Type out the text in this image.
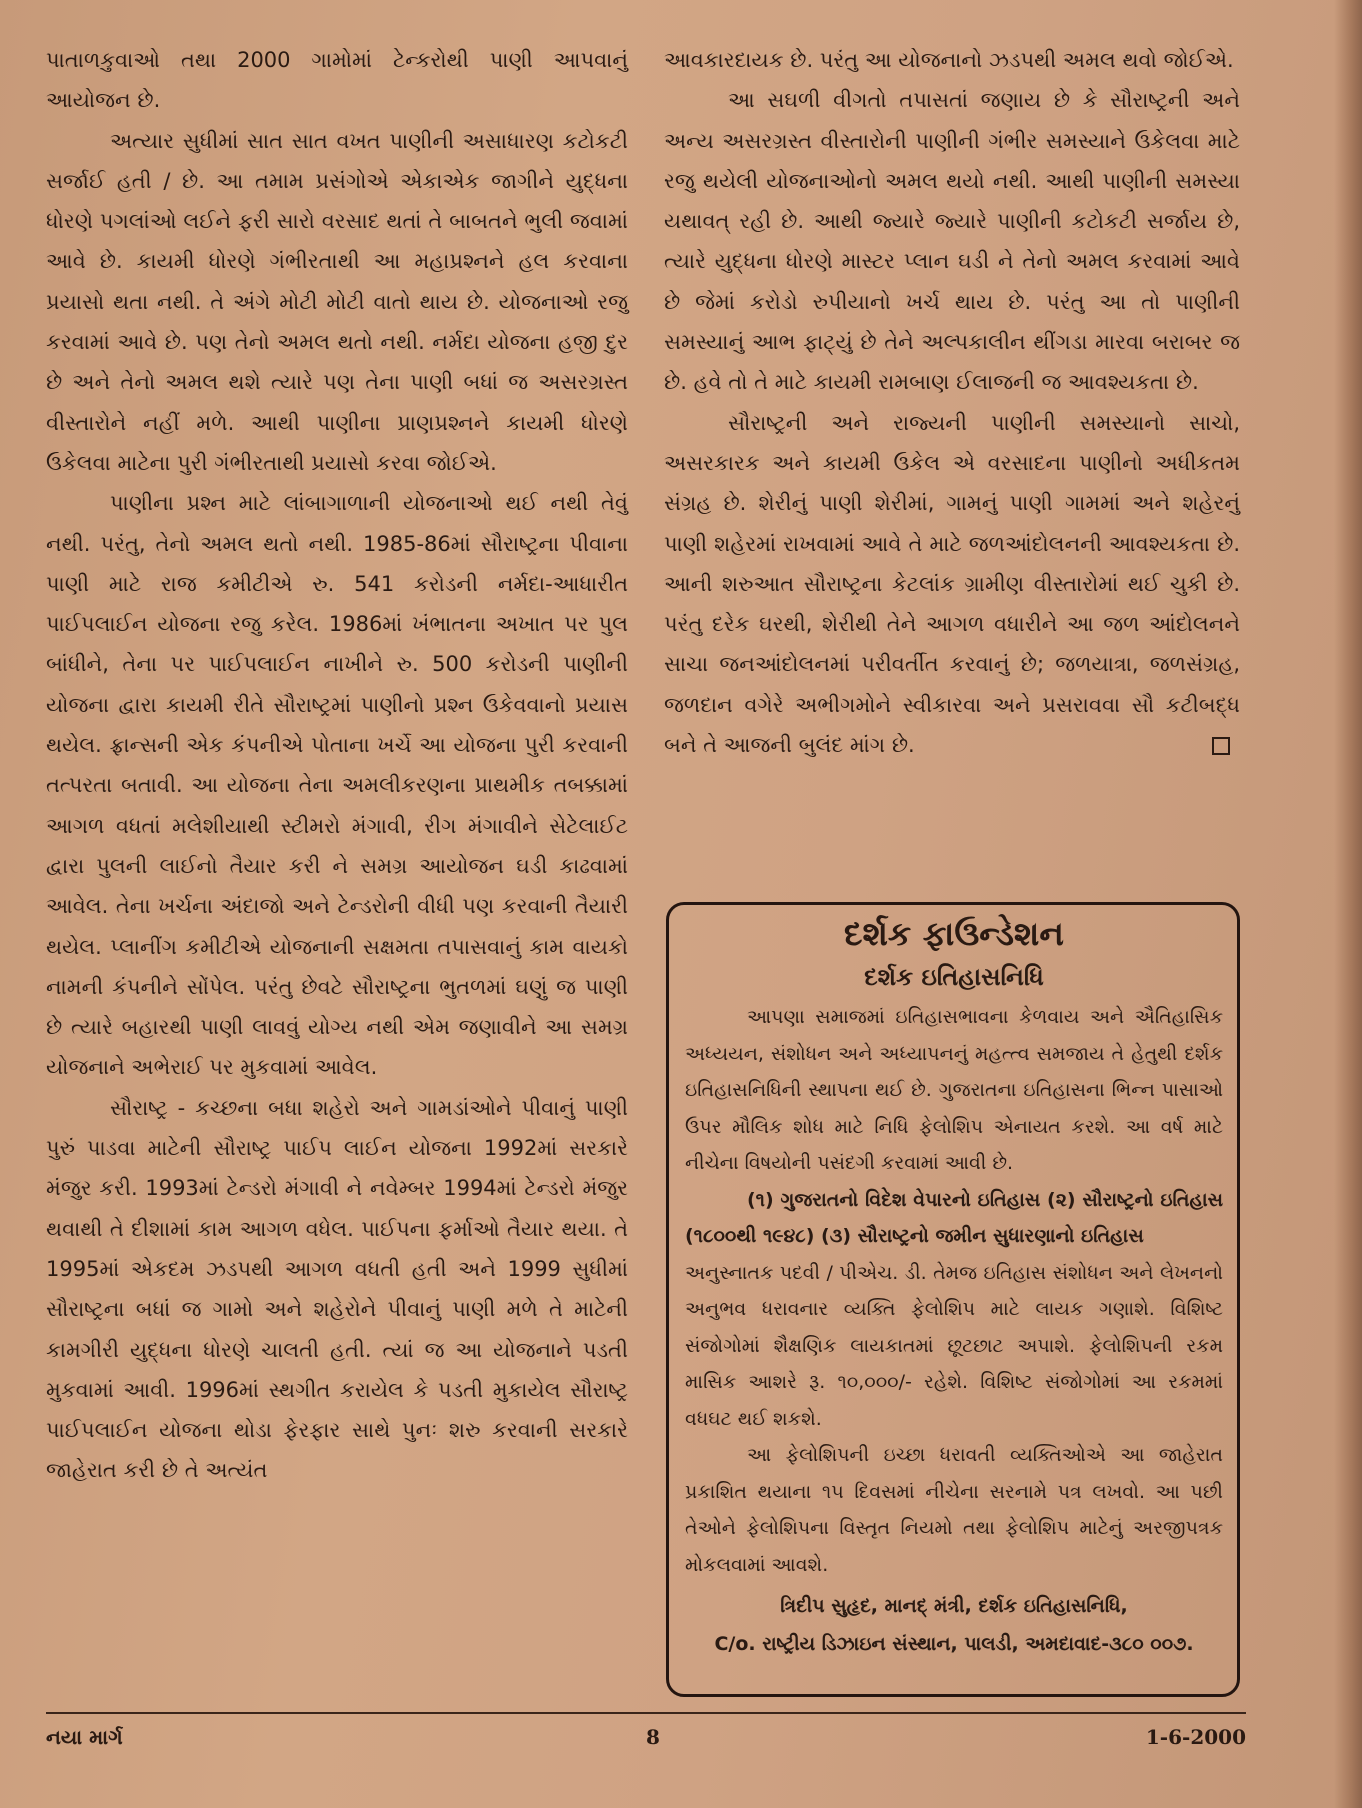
પાતાળકુવાઓ તથા 2000 ગામોમાં ટેન્કરોથી પાણી આપવાનું આયોજન છે.

અત્યાર સુધીમાં સાત સાત વખત પાણીની અસાધારણ કટોકટી સર્જાઈ હતી / છે. આ તમામ પ્રસંગોએ એકાએક જાગીને યુદ્ધના ધોરણે પગલાંઓ લઈને ફરી સારો વરસાદ થતાં તે બાબતને ભુલી જવામાં આવે છે. કાયમી ધોરણે ગંભીરતાથી આ મહાપ્રશ્નને હલ કરવાના પ્રયાસો થતા નથી. તે અંગે મોટી મોટી વાતો થાય છે. યોજનાઓ રજુ કરવામાં આવે છે. પણ તેનો અમલ થતો નથી. નર્મદા યોજના હજી દુર છે અને તેનો અમલ થશે ત્યારે પણ તેના પાણી બધાં જ અસરગ્રસ્ત વીસ્તારોને નહીં મળે. આથી પાણીના પ્રાણપ્રશ્નને કાયમી ધોરણે ઉકેલવા માટેના પુરી ગંભીરતાથી પ્રયાસો કરવા જોઈએ.

પાણીના પ્રશ્ન માટે લાંબાગાળાની યોજનાઓ થઈ નથી તેવું નથી. પરંતુ, તેનો અમલ થતો નથી. 1985-86માં સૌરાષ્ટ્રના પીવાના પાણી માટે રાજ કમીટીએ રુ. 541 કરોડની નર્મદા-આધારીત પાઈપલાઈન યોજના રજુ કરેલ. 1986માં ખંભાતના અખાત પર પુલ બાંધીને, તેના પર પાઈપલાઈન નાખીને રુ. 500 કરોડની પાણીની યોજના દ્વારા કાયમી રીતે સૌરાષ્ટ્રમાં પાણીનો પ્રશ્ન ઉકેવવાનો પ્રયાસ થયેલ. ફ્રાન્સની એક કંપનીએ પોતાના ખર્ચે આ યોજના પુરી કરવાની તત્પરતા બતાવી. આ યોજના તેના અમલીકરણના પ્રાથમીક તબક્કામાં આગળ વધતાં મલેશીયાથી સ્ટીમરો મંગાવી, રીગ મંગાવીને સેટેલાઈટ દ્વારા પુલની લાઈનો તૈયાર કરી ને સમગ્ર આયોજન ઘડી કાઢવામાં આવેલ. તેના ખર્ચના અંદાજો અને ટેન્ડરોની વીધી પણ કરવાની તૈયારી થયેલ. પ્લાનીંગ કમીટીએ યોજનાની સક્ષમતા તપાસવાનું કામ વાયકો નામની કંપનીને સોંપેલ. પરંતુ છેવટે સૌરાષ્ટ્રના ભુતળમાં ઘણું જ પાણી છે ત્યારે બહારથી પાણી લાવવું યોગ્ય નથી એમ જણાવીને આ સમગ્ર યોજનાને અભેરાઈ પર મુકવામાં આવેલ.

સૌરાષ્ટ્ર - કચ્છના બધા શહેરો અને ગામડાંઓને પીવાનું પાણી પુરું પાડવા માટેની સૌરાષ્ટ્ર પાઈપ લાઈન યોજના 1992માં સરકારે મંજુર કરી. 1993માં ટેન્ડરો મંગાવી ને નવેમ્બર 1994માં ટેન્ડરો મંજુર થવાથી તે દીશામાં કામ આગળ વધેલ. પાઈપના ફર્માઓ તૈયાર થયા. તે 1995માં એકદમ ઝડપથી આગળ વધતી હતી અને 1999 સુધીમાં સૌરાષ્ટ્રના બધાં જ ગામો અને શહેરોને પીવાનું પાણી મળે તે માટેની કામગીરી યુદ્ધના ધોરણે ચાલતી હતી. ત્યાં જ આ યોજનાને પડતી મુકવામાં આવી. 1996માં સ્થગીત કરાયેલ કે પડતી મુકાયેલ સૌરાષ્ટ્ર પાઈપલાઈન યોજના થોડા ફેરફાર સાથે પુનઃ શરુ કરવાની સરકારે જાહેરાત કરી છે તે અત્યંત

આવકારદાયક છે. પરંતુ આ યોજનાનો ઝડપથી અમલ થવો જોઈએ.

આ સઘળી વીગતો તપાસતાં જણાય છે કે સૌરાષ્ટ્રની અને અન્ય અસરગ્રસ્ત વીસ્તારોની પાણીની ગંભીર સમસ્યાને ઉકેલવા માટે રજુ થયેલી યોજનાઓનો અમલ થયો નથી. આથી પાણીની સમસ્યા યથાવત્ રહી છે. આથી જ્યારે જ્યારે પાણીની કટોકટી સર્જાય છે, ત્યારે યુદ્ધના ધોરણે માસ્ટર પ્લાન ઘડી ને તેનો અમલ કરવામાં આવે છે જેમાં કરોડો રુપીયાનો ખર્ચ થાય છે. પરંતુ આ તો પાણીની સમસ્યાનું આભ ફાટ્યું છે તેને અલ્પકાલીન થીંગડા મારવા બરાબર જ છે. હવે તો તે માટે કાયમી રામબાણ ઈલાજની જ આવશ્યકતા છે.

સૌરાષ્ટ્રની અને રાજ્યની પાણીની સમસ્યાનો સાચો, અસરકારક અને કાયમી ઉકેલ એ વરસાદના પાણીનો અધીકતમ સંગ્રહ છે. શેરીનું પાણી શેરીમાં, ગામનું પાણી ગામમાં અને શહેરનું પાણી શહેરમાં રાખવામાં આવે તે માટે જળઆંદોલનની આવશ્યકતા છે. આની શરુઆત સૌરાષ્ટ્રના કેટલાંક ગ્રામીણ વીસ્તારોમાં થઈ ચુકી છે. પરંતુ દરેક ઘરથી, શેરીથી તેને આગળ વધારીને આ જળ આંદોલનને સાચા જનઆંદોલનમાં પરીવર્તીત કરવાનું છે; જળયાત્રા, જળસંગ્રહ, જળદાન વગેરે અભીગમોને સ્વીકારવા અને પ્રસરાવવા સૌ કટીબદ્ધ બને તે આજની બુલંદ માંગ છે.

દર્શક ફાઉન્ડેશન
દર્શક ઇતિહાસનિધિ

આપણા સમાજમાં ઇતિહાસભાવના કેળવાય અને ઐતિહાસિક અધ્યયન, સંશોધન અને અધ્યાપનનું મહત્ત્વ સમજાય તે હેતુથી દર્શક ઇતિહાસનિધિની સ્થાપના થઈ છે. ગુજરાતના ઇતિહાસના ભિન્ન પાસાઓ ઉપર મૌલિક શોધ માટે નિધિ ફેલોશિપ એનાયત કરશે. આ વર્ષ માટે નીચેના વિષયોની પસંદગી કરવામાં આવી છે.

(૧) ગુજરાતનો વિદેશ વેપારનો ઇતિહાસ (૨) સૌરાષ્ટ્રનો ઇતિહાસ (૧૮૦૦થી ૧૯૪૮) (૩) સૌરાષ્ટ્રનો જમીન સુધારણાનો ઇતિહાસ

અનુસ્નાતક પદવી / પીએચ. ડી. તેમજ ઇતિહાસ સંશોધન અને લેખનનો અનુભવ ધરાવનાર વ્યક્તિ ફેલોશિપ માટે લાયક ગણાશે. વિશિષ્ટ સંજોગોમાં શૈક્ષણિક લાયકાતમાં છૂટછાટ અપાશે. ફેલોશિપની રકમ માસિક આશરે રૂ. ૧૦,૦૦૦/- રહેશે. વિશિષ્ટ સંજોગોમાં આ રકમમાં વધઘટ થઈ શકશે.

આ ફેલોશિપની ઇચ્છા ધરાવતી વ્યક્તિઓએ આ જાહેરાત પ્રકાશિત થયાના ૧૫ દિવસમાં નીચેના સરનામે પત્ર લખવો. આ પછી તેઓને ફેલોશિપના વિસ્તૃત નિયમો તથા ફેલોશિપ માટેનું અરજીપત્રક મોકલવામાં આવશે.

ત્રિદીપ સુહૃદ, માનદ્ મંત્રી, દર્શક ઇતિહાસનિધિ,
C/o. રાષ્ટ્રીય ડિઝાઇન સંસ્થાન, પાલડી, અમદાવાદ-૩૮૦ ૦૦૭.
નયા માર્ગ	8	1-6-2000
